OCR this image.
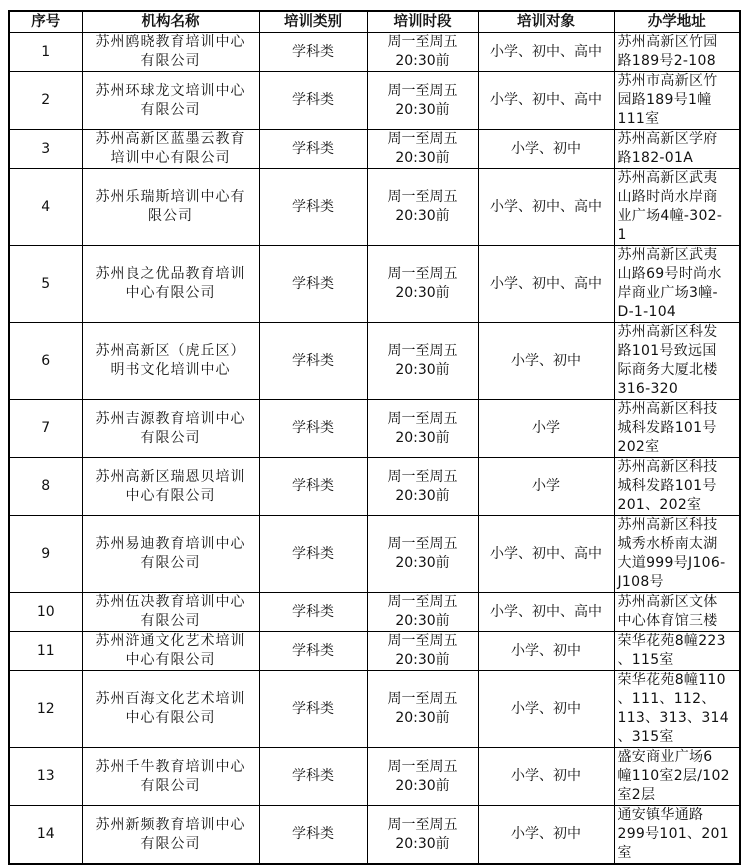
序号	机构名称	培训类别	培训时段	培训对象	办学地址
1	苏州鸥晓教育培训中心
有限公司	学科类	周一至周五
20:30前	小学、初中、高中	苏州高新区竹园
路189号2-108
2	苏州环球龙文培训中心
有限公司	学科类	周一至周五
20:30前	小学、初中、高中	苏州市高新区竹
园路189号1幢
111室
3	苏州高新区蓝墨云教育
培训中心有限公司	学科类	周一至周五
20:30前	小学、初中	苏州高新区学府
路182-01A
4	苏州乐瑞斯培训中心有
限公司	学科类	周一至周五
20:30前	小学、初中、高中	苏州高新区武夷
山路时尚水岸商
业广场4幢-302-
1
5	苏州良之优品教育培训
中心有限公司	学科类	周一至周五
20:30前	小学、初中、高中	苏州高新区武夷
山路69号时尚水
岸商业广场3幢-
D-1-104
6	苏州高新区（虎丘区）
明书文化培训中心	学科类	周一至周五
20:30前	小学、初中	苏州高新区科发
路101号致远国
际商务大厦北楼
316-320
7	苏州吉源教育培训中心
有限公司	学科类	周一至周五
20:30前	小学	苏州高新区科技
城科发路101号
202室
8	苏州高新区瑞恩贝培训
中心有限公司	学科类	周一至周五
20:30前	小学	苏州高新区科技
城科发路101号
201、202室
9	苏州易迪教育培训中心
有限公司	学科类	周一至周五
20:30前	小学、初中、高中	苏州高新区科技
城秀水桥南太湖
大道999号J106-
J108号
10	苏州伍决教育培训中心
有限公司	学科类	周一至周五
20:30前	小学、初中、高中	苏州高新区文体
中心体育馆三楼
11	苏州浒通文化艺术培训
中心有限公司	学科类	周一至周五
20:30前	小学、初中	荣华花苑8幢223
、115室
12	苏州百海文化艺术培训
中心有限公司	学科类	周一至周五
20:30前	小学、初中	荣华花苑8幢110
、111、112、
113、313、314
、315室
13	苏州千牛教育培训中心
有限公司	学科类	周一至周五
20:30前	小学、初中	盛安商业广场6
幢110室2层/102
室2层
14	苏州新频教育培训中心
有限公司	学科类	周一至周五
20:30前	小学、初中	通安镇华通路
299号101、201
室
